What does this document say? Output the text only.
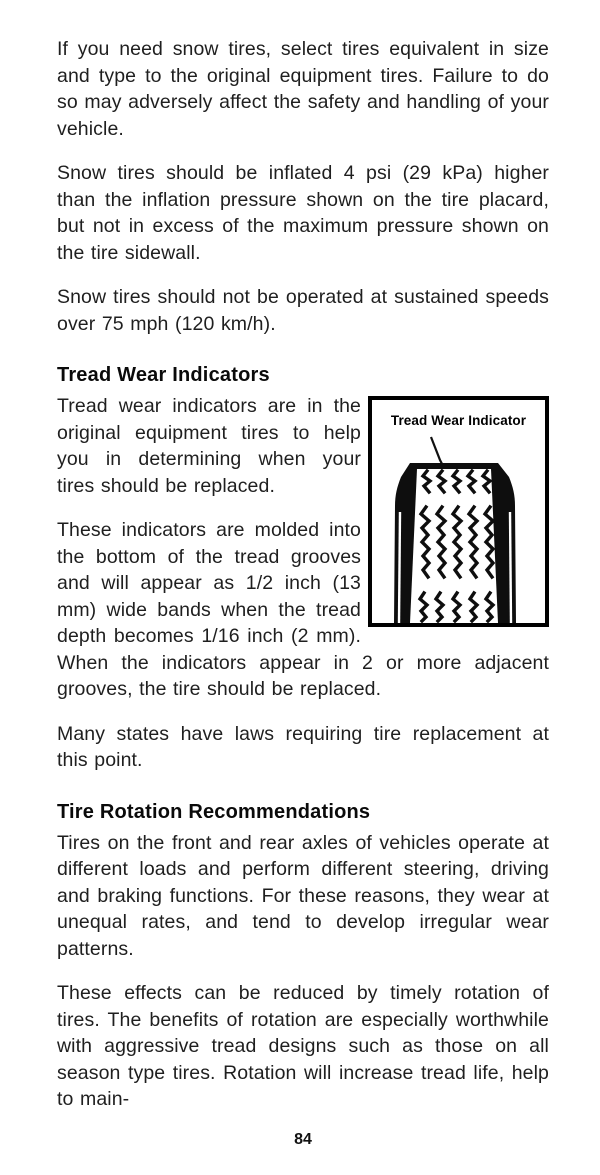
If you need snow tires, select tires equivalent in size and type to the original equipment tires. Failure to do so may adversely affect the safety and handling of your vehicle.

Snow tires should be inflated 4 psi (29 kPa) higher than the inflation pressure shown on the tire placard, but not in excess of the maximum pressure shown on the tire sidewall.

Snow tires should not be operated at sustained speeds over 75 mph (120 km/h).

Tread Wear Indicators
Tread Wear Indicator

Tread wear indicators are in the original equipment tires to help you in determining when your tires should be replaced.

These indicators are molded into the bottom of the tread grooves and will appear as 1/2 inch (13 mm) wide bands when the tread depth becomes 1/16 inch (2 mm). When the indicators appear in 2 or more adjacent grooves, the tire should be replaced.

Many states have laws requiring tire replacement at this point.

Tire Rotation Recommendations

Tires on the front and rear axles of vehicles operate at different loads and perform different steering, driving and braking functions. For these reasons, they wear at unequal rates, and tend to develop irregular wear patterns.

These effects can be reduced by timely rotation of tires. The benefits of rotation are especially worthwhile with aggressive tread designs such as those on all season type tires. Rotation will increase tread life, help to main-

84
